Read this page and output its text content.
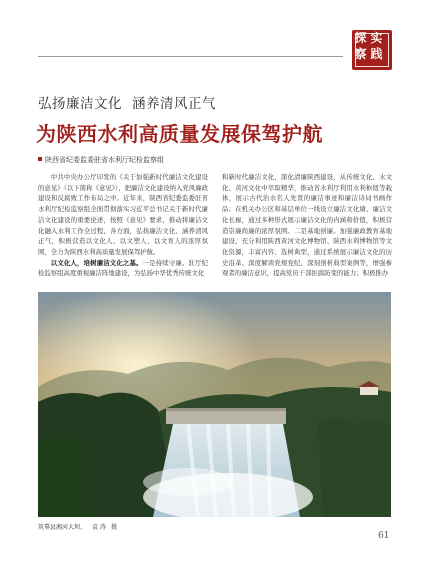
探 实
察 践
弘扬廉洁文化 涵养清风正气
为陕西水利高质量发展保驾护航
陕西省纪委监委驻省水利厅纪检监察组

中共中央办公厅印发的《关于加强新时代廉洁文化建设的意见》（以下简称《意见》），把廉洁文化建设纳入党风廉政建设和反腐败工作布局之中。近年来，陕西省纪委监委驻省水利厅纪检监察组全面贯彻落实习近平总书记关于新时代廉洁文化建设的重要论述，按照《意见》要求，推动将廉洁文化融入水利工作全过程、各方面，弘扬廉洁文化、涵养清风正气，积极营造以文化人、以文塑人、以文育人的浓厚氛围，全力为陕西水利高质量发展保驾护航。

以文化人，培树廉洁文化之基。一是持续守廉。驻厅纪检监察组高度重视廉洁阵地建设，为弘扬中华优秀传统文化

和新时代廉洁文化，深化清廉陕西建设，从传统文化、水文化、黄河文化中萃取精华，推动省水利厅利用水利枢纽等载体，展示古代治水名人先贤的廉洁事迹和廉洁诗词书画作品；在机关办公区和基层单位一线设立廉洁文化墙、廉洁文化长廊，通过多种形式展示廉洁文化的内涵和价值，积极营造崇廉尚廉的浓厚氛围。二是基地创廉。加强廉政教育基地建设，充分利用陕西黄河文化博物馆、陕西水利博物馆等文化资源，丰富内容、选树典型，通过系统展示廉洁文化的历史沿革、深度解读党规党纪、深刻剖析典型案例等，增强参观者的廉洁意识，提高党员干部拒腐防变的能力；积极推办

筑摹县湘河大坝。 袁 涛 摄
61
